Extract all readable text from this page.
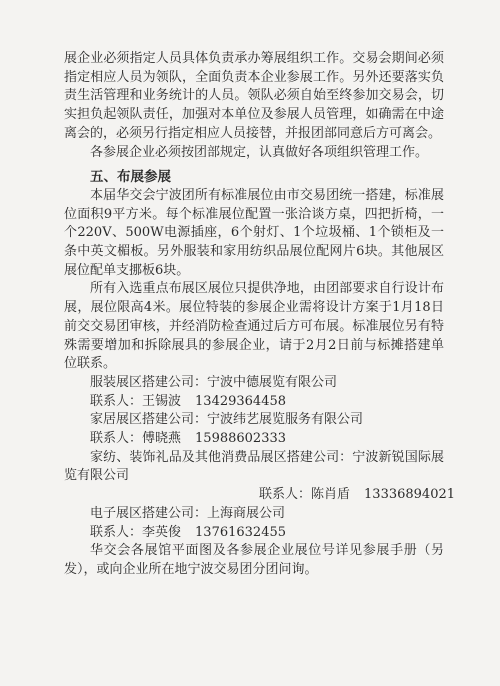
展企业必须指定人员具体负责承办筹展组织工作。交易会期间必须指定相应人员为领队，全面负责本企业参展工作。另外还要落实负责生活管理和业务统计的人员。领队必须自始至终参加交易会，切实担负起领队责任，加强对本单位及参展人员管理，如确需在中途离会的，必须另行指定相应人员接替，并报团部同意后方可离会。

各参展企业必须按团部规定，认真做好各项组织管理工作。

五、布展参展

本届华交会宁波团所有标准展位由市交易团统一搭建，标准展位面积9平方米。每个标准展位配置一张洽谈方桌，四把折椅，一个220V、500W电源插座，6个射灯、1个垃圾桶、1个锁柜及一条中英文楣板。另外服装和家用纺织品展位配网片6块。其他展区展位配单支挪板6块。

所有入选重点布展区展位只提供净地，由团部要求自行设计布展，展位限高4米。展位特装的参展企业需将设计方案于1月18日前交交易团审核，并经消防检查通过后方可布展。标准展位另有特殊需要增加和拆除展具的参展企业，请于2月2日前与标摊搭建单位联系。

服装展区搭建公司：宁波中德展览有限公司

联系人：王锡波 13429364458

家居展区搭建公司：宁波纬艺展览服务有限公司

联系人：傅晓燕 15988602333

家纺、装饰礼品及其他消费品展区搭建公司：宁波新锐国际展览有限公司

联系人：陈肖盾 13336894021

电子展区搭建公司：上海商展公司

联系人：李英俊 13761632455

华交会各展馆平面图及各参展企业展位号详见参展手册（另发），或向企业所在地宁波交易团分团问询。
